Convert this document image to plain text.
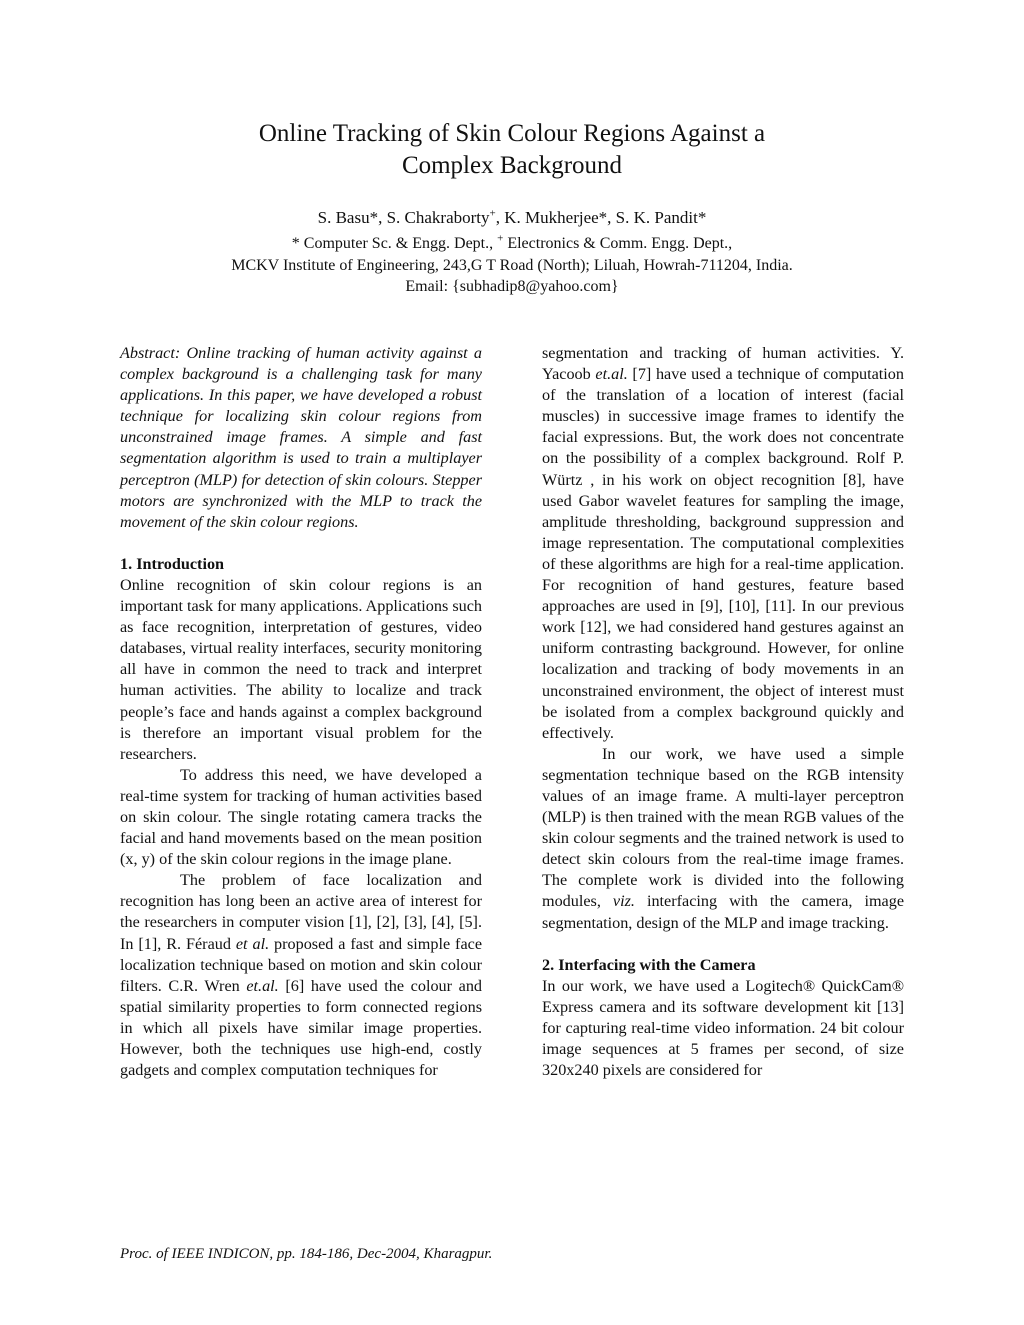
Online Tracking of Skin Colour Regions Against a
Complex Background
S. Basu*, S. Chakraborty+, K. Mukherjee*, S. K. Pandit*
* Computer Sc. & Engg. Dept., + Electronics & Comm. Engg. Dept.,
MCKV Institute of Engineering, 243,G T Road (North); Liluah, Howrah-711204, India.
Email: {subhadip8@yahoo.com}

Abstract: Online tracking of human activity against a complex background is a challenging task for many applications. In this paper, we have developed a robust technique for localizing skin colour regions from unconstrained image frames. A simple and fast segmentation algorithm is used to train a multiplayer perceptron (MLP) for detection of skin colours. Stepper motors are synchronized with the MLP to track the movement of the skin colour regions.

1. Introduction

Online recognition of skin colour regions is an important task for many applications. Applications such as face recognition, interpretation of gestures, video databases, virtual reality interfaces, security monitoring all have in common the need to track and interpret human activities. The ability to localize and track people’s face and hands against a complex background is therefore an important visual problem for the researchers.

To address this need, we have developed a real-time system for tracking of human activities based on skin colour. The single rotating camera tracks the facial and hand movements based on the mean position (x, y) of the skin colour regions in the image plane.

The problem of face localization and recognition has long been an active area of interest for the researchers in computer vision [1], [2], [3], [4], [5]. In [1], R. Féraud et al. proposed a fast and simple face localization technique based on motion and skin colour filters. C.R. Wren et.al. [6] have used the colour and spatial similarity properties to form connected regions in which all pixels have similar image properties. However, both the techniques use high-end, costly gadgets and complex computation techniques for

segmentation and tracking of human activities. Y. Yacoob et.al. [7] have used a technique of computation of the translation of a location of interest (facial muscles) in successive image frames to identify the facial expressions. But, the work does not concentrate on the possibility of a complex background. Rolf P. Würtz , in his work on object recognition [8], have used Gabor wavelet features for sampling the image, amplitude thresholding, background suppression and image representation. The computational complexities of these algorithms are high for a real-time application. For recognition of hand gestures, feature based approaches are used in [9], [10], [11]. In our previous work [12], we had considered hand gestures against an uniform contrasting background. However, for online localization and tracking of body movements in an unconstrained environment, the object of interest must be isolated from a complex background quickly and effectively.

In our work, we have used a simple segmentation technique based on the RGB intensity values of an image frame. A multi-layer perceptron (MLP) is then trained with the mean RGB values of the skin colour segments and the trained network is used to detect skin colours from the real-time image frames. The complete work is divided into the following modules, viz. interfacing with the camera, image segmentation, design of the MLP and image tracking.

2. Interfacing with the Camera

In our work, we have used a Logitech® QuickCam® Express camera and its software development kit [13] for capturing real-time video information. 24 bit colour image sequences at 5 frames per second, of size 320x240 pixels are considered for

Proc. of IEEE INDICON, pp. 184-186, Dec-2004, Kharagpur.
